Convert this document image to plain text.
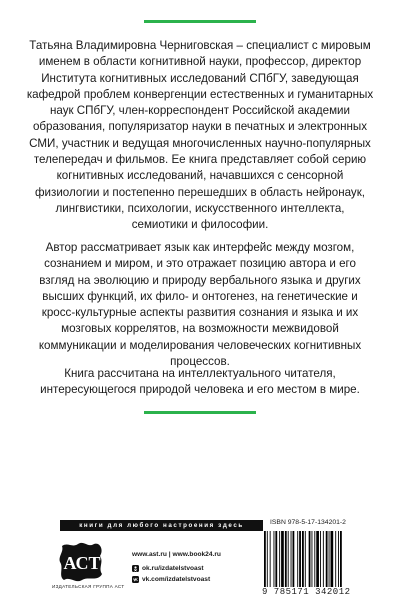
Татьяна Владимировна Черниговская – специалист с мировым именем в области когнитивной науки, профессор, директор Института когнитивных исследований СПбГУ, заведующая кафедрой проблем конвергенции естественных и гуманитарных наук СПбГУ, член-корреспондент Российской академии образования, популяризатор науки в печатных и электронных СМИ, участник и ведущая многочисленных научно-популярных телепередач и фильмов. Ее книга представляет собой серию когнитивных исследований, начавшихся с сенсорной физиологии и постепенно перешедших в область нейронаук, лингвистики, психологии, искусственного интеллекта, семиотики и философии.

Автор рассматривает язык как интерфейс между мозгом, сознанием и миром, и это отражает позицию автора и его взгляд на эволюцию и природу вербального языка и других высших функций, их фило- и онтогенез, на генетические и кросс-культурные аспекты развития сознания и языка и их мозговых коррелятов, на возможности межвидовой коммуникации и моделирования человеческих когнитивных процессов.

Книга рассчитана на интеллектуального читателя, интересующегося природой человека и его местом в мире.

книги для любого настроения здесь
АСТ
ИЗДАТЕЛЬСКАЯ ГРУППА АСТ
www.ast.ru | www.book24.ru
ok.ru/izdatelstvoast
vk.com/izdatelstvoast
ISBN 978-5-17-134201-2
9 785171 342012
